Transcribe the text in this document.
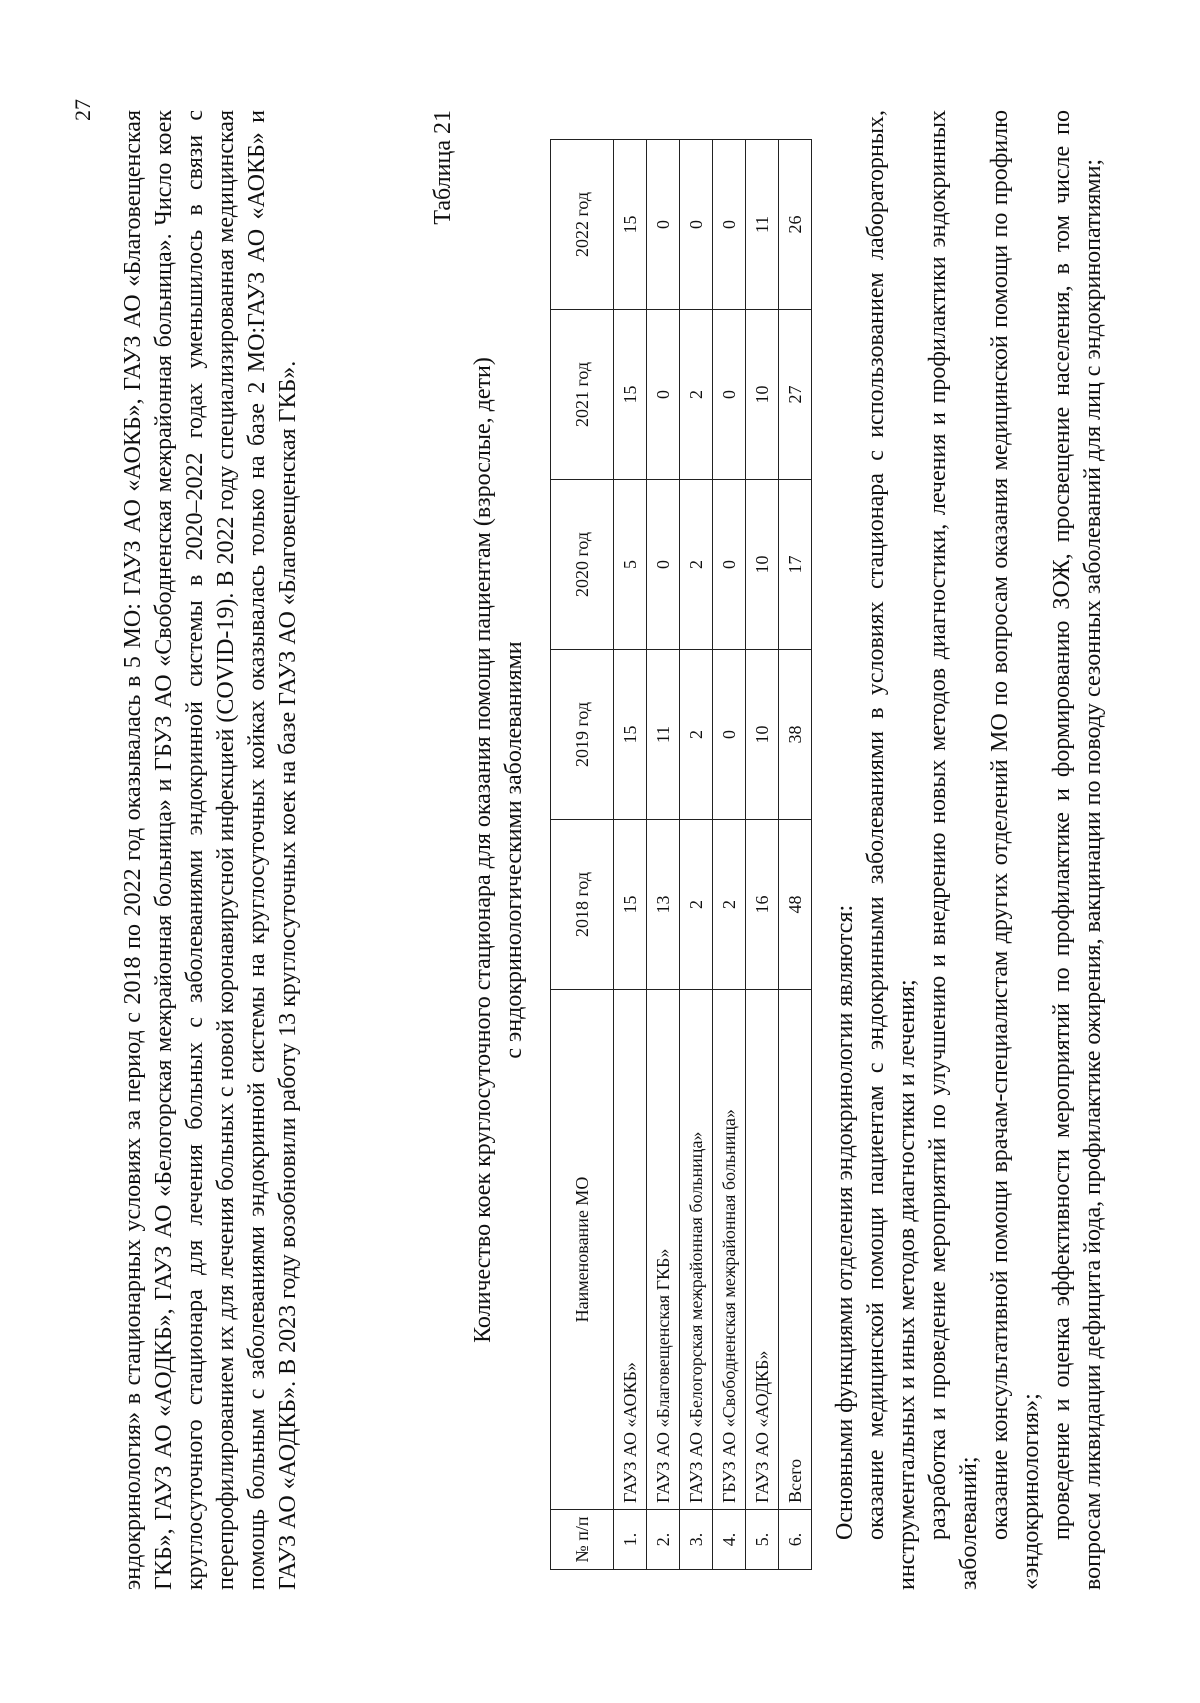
27 эндокринология» в стационарных условиях за период с 2018 по 2022 год оказывалась в 5 МО: ГАУЗ АО «АОКБ», ГАУЗ АО «Благовещенская ГКБ», ГАУЗ АО «АОДКБ», ГАУЗ АО «Белогорская межрайонная больница» и ГБУЗ АО «Свободненская межрайонная больница». Число коек круглосуточного стационара для лечения больных с заболеваниями эндокринной системы в 2020–2022 годах уменьшилось в связи с перепрофилированием их для лечения больных с новой коронавирусной инфекцией (COVID-19). В 2022 году специализированная медицинская помощь больным с заболеваниями эндокринной системы на круглосуточных койках оказывалась только на базе 2 МО:ГАУЗ АО «АОКБ» и ГАУЗ АО «АОДКБ». В 2023 году возобновили работу 13 круглосуточных коек на базе ГАУЗ АО «Благовещенская ГКБ».
Таблица 21
Количество коек круглосуточного стационара для оказания помощи пациентам (взрослые, дети) с эндокринологическими заболеваниями
№ п/п	Наименование МО	2018 год	2019 год	2020 год	2021 год	2022 год
1.	ГАУЗ АО «АОКБ»	15	15	5	15	15
2.	ГАУЗ АО «Благовещенская ГКБ»	13	11	0	0	0
3.	ГАУЗ АО «Белогорская межрайонная больница»	2	2	2	2	0
4.	ГБУЗ АО «Свободненская межрайонная больница»	2	0	0	0	0
5.	ГАУЗ АО «АОДКБ»	16	10	10	10	11
6.	Всего	48	38	17	27	26

Основными функциями отделения эндокринологии являются: оказание медицинской помощи пациентам с эндокринными заболеваниями в условиях стационара с использованием лабораторных, инструментальных и иных методов диагностики и лечения; разработка и проведение мероприятий по улучшению и внедрению новых методов диагностики, лечения и профилактики эндокринных заболеваний; оказание консультативной помощи врачам-специалистам других отделений МО по вопросам оказания медицинской помощи по профилю «эндокринология»; проведение и оценка эффективности мероприятий по профилактике и формированию ЗОЖ, просвещение населения, в том числе по вопросам ликвидации дефицита йода, профилактике ожирения, вакцинации по поводу сезонных заболеваний для лиц с эндокринопатиями;
